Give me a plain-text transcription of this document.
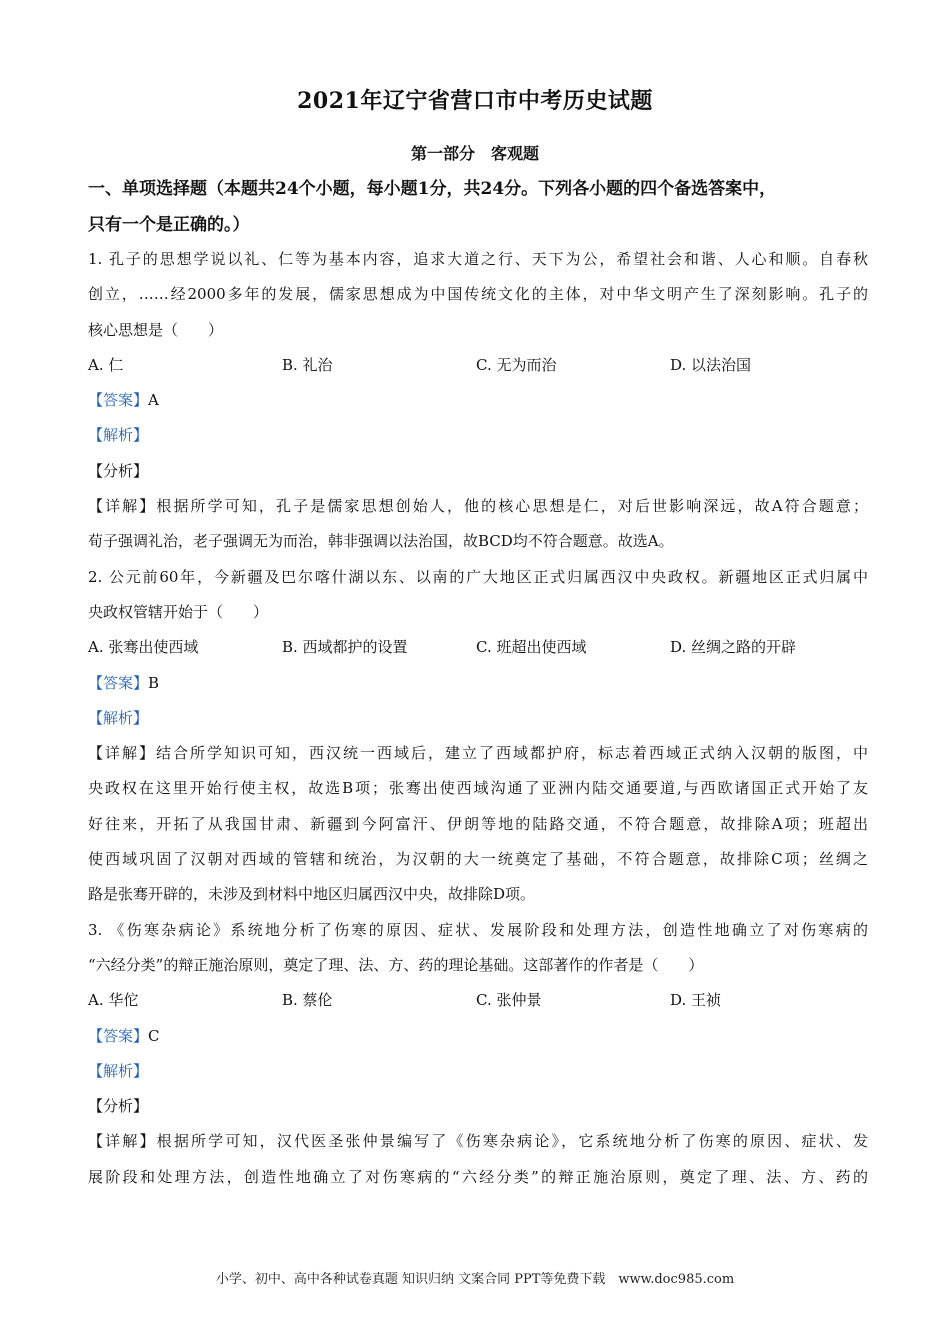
2021年辽宁省营口市中考历史试题
第一部分　客观题
一、单项选择题（本题共24个小题，每小题1分，共24分。下列各小题的四个备选答案中，
只有一个是正确的。）
1. 孔子的思想学说以礼、仁等为基本内容，追求大道之行、天下为公，希望社会和谐、人心和顺。自春秋
创立，……经2000多年的发展，儒家思想成为中国传统文化的主体，对中华文明产生了深刻影响。孔子的
核心思想是（　　）
A. 仁	B. 礼治	C. 无为而治	D. 以法治国
【答案】A
【解析】
【分析】
【详解】根据所学可知，孔子是儒家思想创始人，他的核心思想是仁，对后世影响深远，故A符合题意；
荀子强调礼治，老子强调无为而治，韩非强调以法治国，故BCD均不符合题意。故选A。
2. 公元前60年，今新疆及巴尔喀什湖以东、以南的广大地区正式归属西汉中央政权。新疆地区正式归属中
央政权管辖开始于（　　）
A. 张骞出使西域	B. 西域都护的设置	C. 班超出使西域	D. 丝绸之路的开辟
【答案】B
【解析】
【详解】结合所学知识可知，西汉统一西域后，建立了西域都护府，标志着西域正式纳入汉朝的版图，中
央政权在这里开始行使主权，故选B项；张骞出使西域沟通了亚洲内陆交通要道,与西欧诸国正式开始了友
好往来，开拓了从我国甘肃、新疆到今阿富汗、伊朗等地的陆路交通，不符合题意，故排除A项；班超出
使西域巩固了汉朝对西域的管辖和统治，为汉朝的大一统奠定了基础，不符合题意，故排除C项；丝绸之
路是张骞开辟的，未涉及到材料中地区归属西汉中央，故排除D项。
3. 《伤寒杂病论》系统地分析了伤寒的原因、症状、发展阶段和处理方法，创造性地确立了对伤寒病的
“六经分类”的辩正施治原则，奠定了理、法、方、药的理论基础。这部著作的作者是（　　）
A. 华佗	B. 蔡伦	C. 张仲景	D. 王祯
【答案】C
【解析】
【分析】
【详解】根据所学可知，汉代医圣张仲景编写了《伤寒杂病论》，它系统地分析了伤寒的原因、症状、发
展阶段和处理方法，创造性地确立了对伤寒病的“六经分类”的辩正施治原则，奠定了理、法、方、药的
小学、初中、高中各种试卷真题 知识归纳 文案合同 PPT等免费下载　www.doc985.com
